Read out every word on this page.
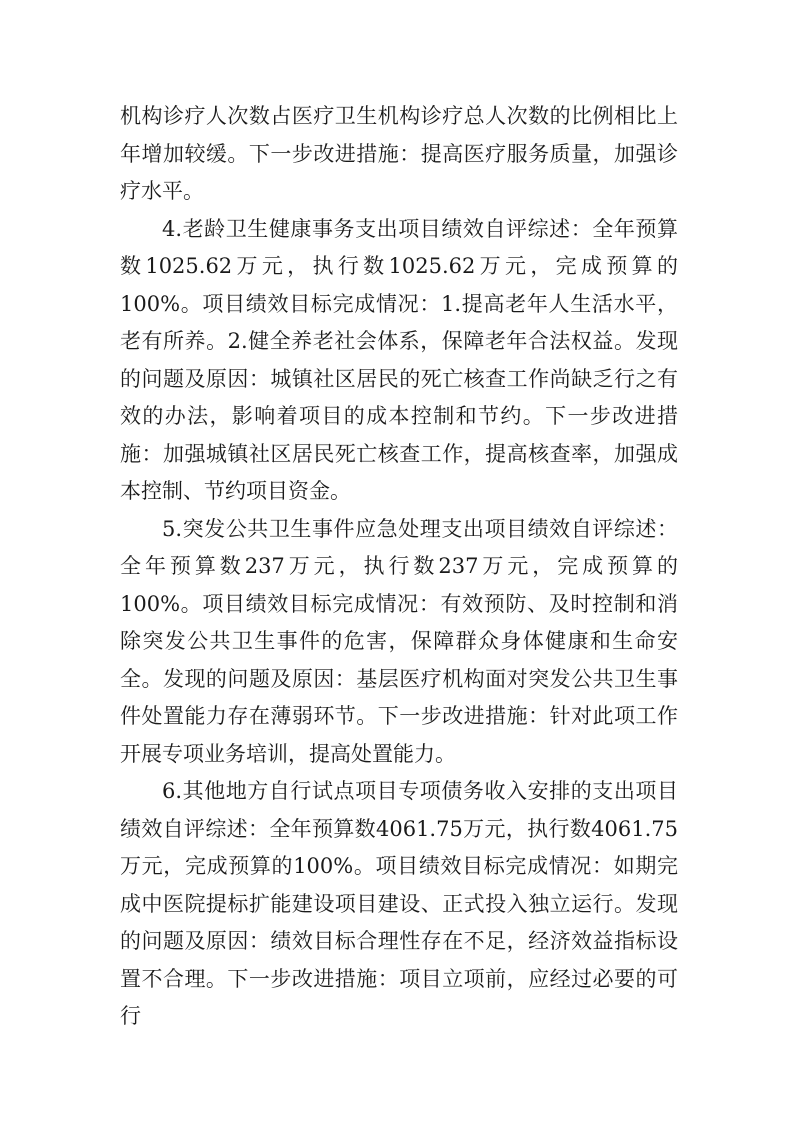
机构诊疗人次数占医疗卫生机构诊疗总人次数的比例相比上年增加较缓。下一步改进措施：提高医疗服务质量，加强诊疗水平。

4.老龄卫生健康事务支出项目绩效自评综述：全年预算数1025.62万元，执行数1025.62万元，完成预算的100%。项目绩效目标完成情况：1.提高老年人生活水平，老有所养。2.健全养老社会体系，保障老年合法权益。发现的问题及原因：城镇社区居民的死亡核查工作尚缺乏行之有效的办法，影响着项目的成本控制和节约。下一步改进措施：加强城镇社区居民死亡核查工作，提高核查率，加强成本控制、节约项目资金。

5.突发公共卫生事件应急处理支出项目绩效自评综述：全年预算数237万元，执行数237万元，完成预算的100%。项目绩效目标完成情况：有效预防、及时控制和消除突发公共卫生事件的危害，保障群众身体健康和生命安全。发现的问题及原因：基层医疗机构面对突发公共卫生事件处置能力存在薄弱环节。下一步改进措施：针对此项工作开展专项业务培训，提高处置能力。

6.其他地方自行试点项目专项债务收入安排的支出项目绩效自评综述：全年预算数4061.75万元，执行数4061.75万元，完成预算的100%。项目绩效目标完成情况：如期完成中医院提标扩能建设项目建设、正式投入独立运行。发现的问题及原因：绩效目标合理性存在不足，经济效益指标设置不合理。下一步改进措施：项目立项前，应经过必要的可行
